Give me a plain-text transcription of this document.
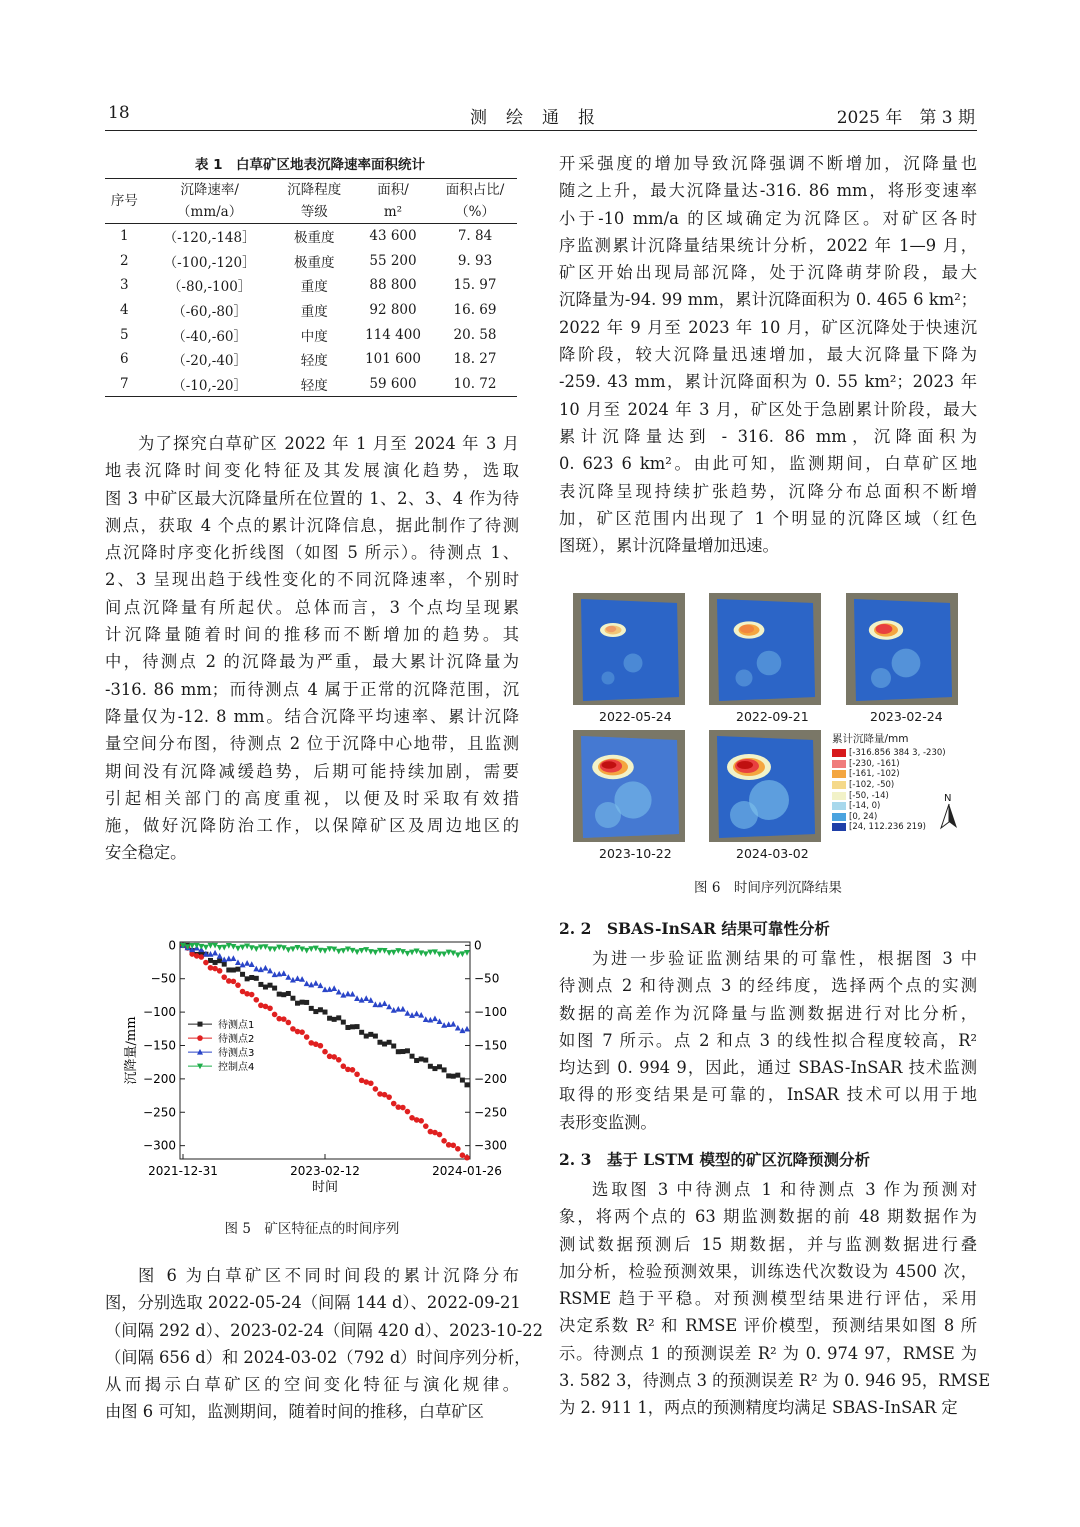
18	测　绘　通　报	2025 年　第 3 期
表 1　白草矿区地表沉降速率面积统计
序号	沉降速率/	沉降程度	面积/	面积占比/
	（mm/a）	等级	m²	（%）
1	（-120,-148］	极重度	43 600	7. 84
2	（-100,-120］	极重度	55 200	9. 93
3	（-80,-100］	重度	88 800	15. 97
4	（-60,-80］	重度	92 800	16. 69
5	（-40,-60］	中度	114 400	20. 58
6	（-20,-40］	轻度	101 600	18. 27
7	（-10,-20］	轻度	59 600	10. 72
为了探究白草矿区 2022 年 1 月至 2024 年 3 月
地表沉降时间变化特征及其发展演化趋势，选取
图 3 中矿区最大沉降量所在位置的 1、2、3、4 作为待
测点，获取 4 个点的累计沉降信息，据此制作了待测
点沉降时序变化折线图（如图 5 所示）。待测点 1、
2、3 呈现出趋于线性变化的不同沉降速率，个别时
间点沉降量有所起伏。总体而言，3 个点均呈现累
计沉降量随着时间的推移而不断增加的趋势。其
中，待测点 2 的沉降最为严重，最大累计沉降量为
-316. 86 mm；而待测点 4 属于正常的沉降范围，沉
降量仅为-12. 8 mm。结合沉降平均速率、累计沉降
量空间分布图，待测点 2 位于沉降中心地带，且监测
期间没有沉降减缓趋势，后期可能持续加剧，需要
引起相关部门的高度重视，以便及时采取有效措
施，做好沉降防治工作，以保障矿区及周边地区的
安全稳定。
0	0
−50	−50
−100	−100
−150	−150
−200	−200
−250	−250
−300	−300
2021-12-31	2023-02-12	2024-01-26
时间
沉降量/mm	待测点1
待测点2
待测点3
控制点4
图 5　矿区特征点的时间序列
图 6 为白草矿区不同时间段的累计沉降分布
图，分别选取 2022-05-24（间隔 144 d）、2022-09-21
（间隔 292 d）、2023-02-24（间隔 420 d）、2023-10-22
（间隔 656 d）和 2024-03-02（792 d）时间序列分析，
从而揭示白草矿区的空间变化特征与演化规律。
由图 6 可知，监测期间，随着时间的推移，白草矿区
开采强度的增加导致沉降强调不断增加，沉降量也
随之上升，最大沉降量达-316. 86 mm，将形变速率
小于-10 mm/a 的区域确定为沉降区。对矿区各时
序监测累计沉降量结果统计分析，2022 年 1—9 月，
矿区开始出现局部沉降，处于沉降萌芽阶段，最大
沉降量为-94. 99 mm，累计沉降面积为 0. 465 6 km²；
2022 年 9 月至 2023 年 10 月，矿区沉降处于快速沉
降阶段，较大沉降量迅速增加，最大沉降量下降为
-259. 43 mm，累计沉降面积为 0. 55 km²；2023 年
10 月至 2024 年 3 月，矿区处于急剧累计阶段，最大
累计沉降量达到 - 316. 86 mm，沉降面积为
0. 623 6 km²。由此可知，监测期间，白草矿区地
表沉降呈现持续扩张趋势，沉降分布总面积不断增
加，矿区范围内出现了 1 个明显的沉降区域（红色
图斑），累计沉降量增加迅速。
2022-05-24	2022-09-21	2023-02-24
2023-10-22	2024-03-02
累计沉降量/mm
[-316.856 384 3, -230)
[-230, -161)
[-161, -102)
[-102, -50)
[-50, -14)
[-14, 0)
[0, 24)
[24, 112.236 219)
N
图 6　时间序列沉降结果
2. 2　SBAS-InSAR 结果可靠性分析
为进一步验证监测结果的可靠性，根据图 3 中
待测点 2 和待测点 3 的经纬度，选择两个点的实测
数据的高差作为沉降量与监测数据进行对比分析，
如图 7 所示。点 2 和点 3 的线性拟合程度较高，R²
均达到 0. 994 9，因此，通过 SBAS-InSAR 技术监测
取得的形变结果是可靠的，InSAR 技术可以用于地
表形变监测。
2. 3　基于 LSTM 模型的矿区沉降预测分析
选取图 3 中待测点 1 和待测点 3 作为预测对
象，将两个点的 63 期监测数据的前 48 期数据作为
测试数据预测后 15 期数据，并与监测数据进行叠
加分析，检验预测效果，训练迭代次数设为 4500 次，
RSME 趋于平稳。对预测模型结果进行评估，采用
决定系数 R² 和 RMSE 评价模型，预测结果如图 8 所
示。待测点 1 的预测误差 R² 为 0. 974 97，RMSE 为
3. 582 3，待测点 3 的预测误差 R² 为 0. 946 95，RMSE
为 2. 911 1，两点的预测精度均满足 SBAS-InSAR 定
